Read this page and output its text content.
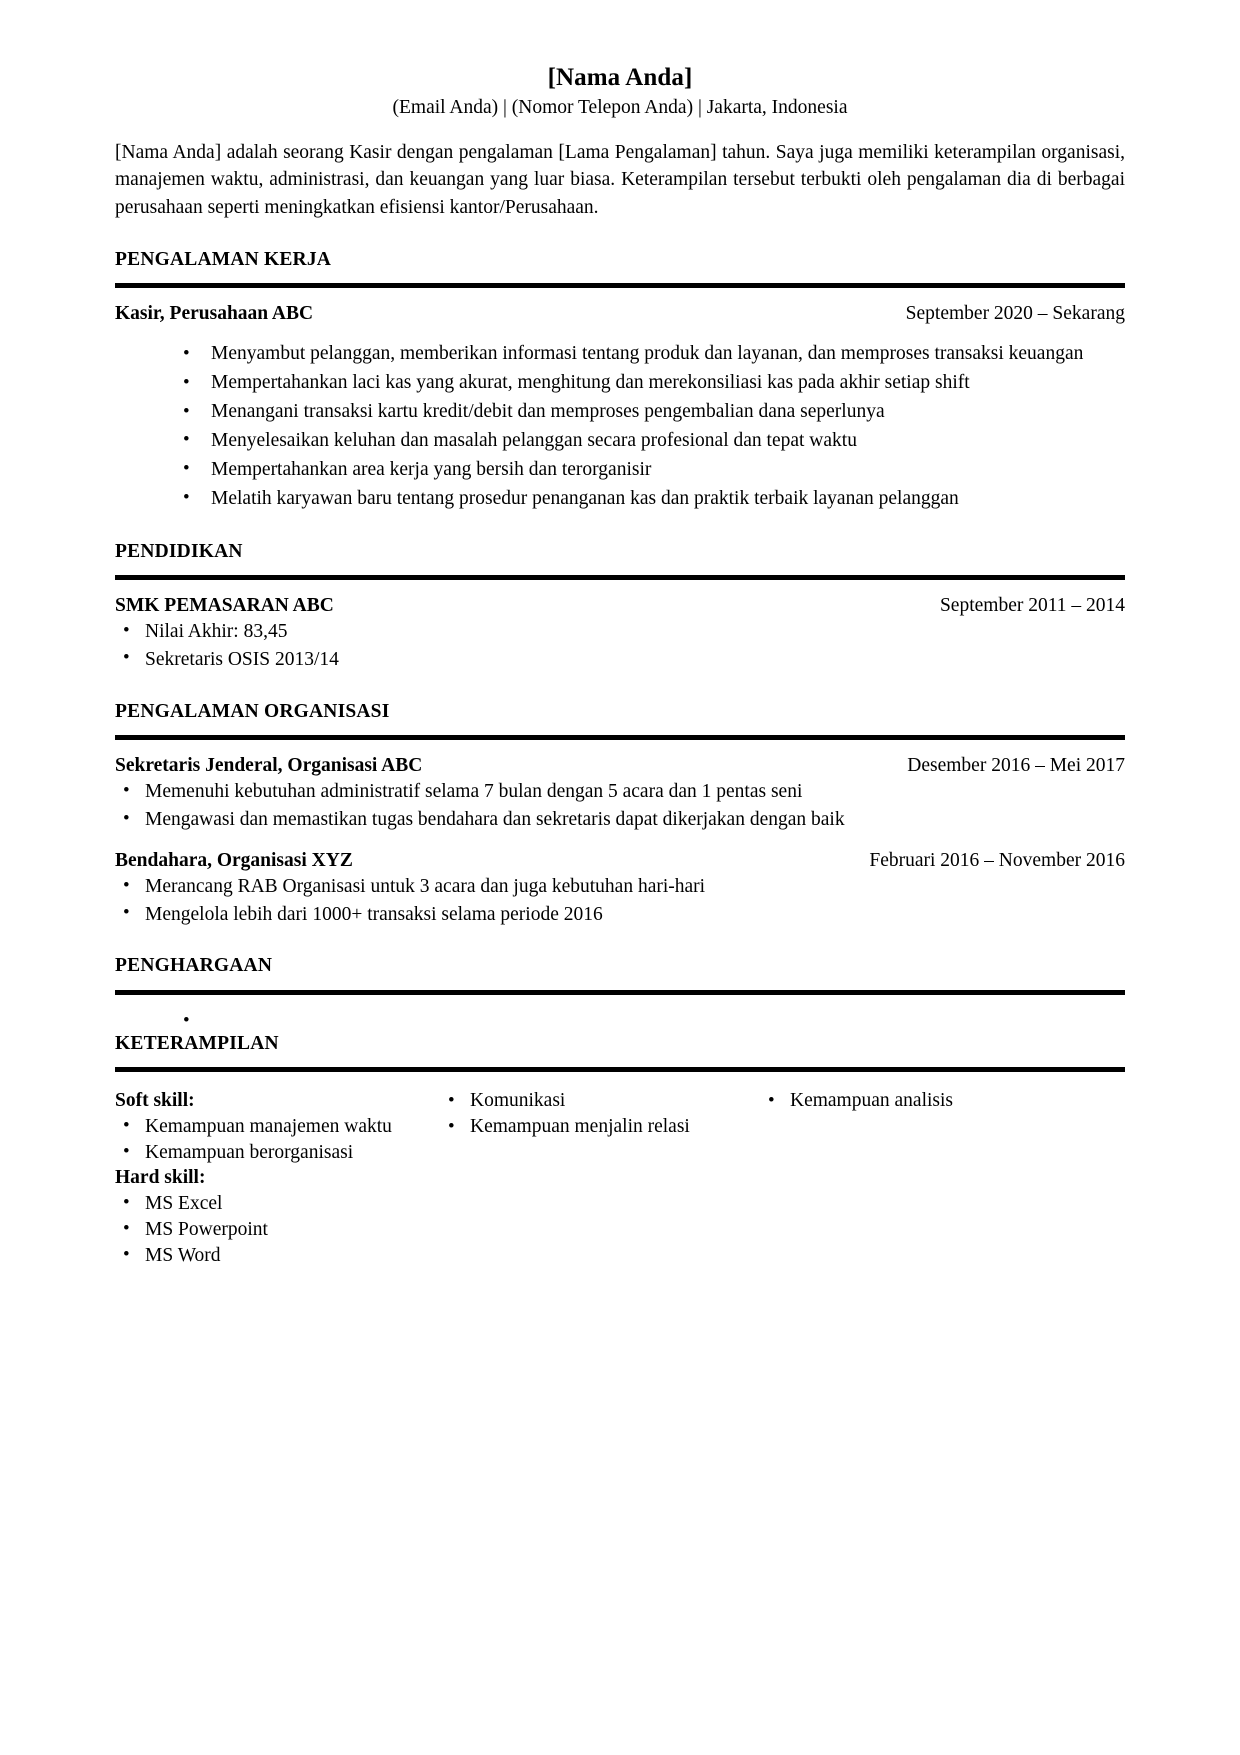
[Nama Anda]
(Email Anda) | (Nomor Telepon Anda) | Jakarta, Indonesia

[Nama Anda] adalah seorang Kasir dengan pengalaman [Lama Pengalaman] tahun. Saya juga memiliki keterampilan organisasi, manajemen waktu, administrasi, dan keuangan yang luar biasa. Keterampilan tersebut terbukti oleh pengalaman dia di berbagai perusahaan seperti meningkatkan efisiensi kantor/Perusahaan.

PENGALAMAN KERJA
Kasir, Perusahaan ABC	September 2020 – Sekarang
• Menyambut pelanggan, memberikan informasi tentang produk dan layanan, dan memproses transaksi keuangan
• Mempertahankan laci kas yang akurat, menghitung dan merekonsiliasi kas pada akhir setiap shift
• Menangani transaksi kartu kredit/debit dan memproses pengembalian dana seperlunya
• Menyelesaikan keluhan dan masalah pelanggan secara profesional dan tepat waktu
• Mempertahankan area kerja yang bersih dan terorganisir
• Melatih karyawan baru tentang prosedur penanganan kas dan praktik terbaik layanan pelanggan
PENDIDIKAN
SMK PEMASARAN ABC	September 2011 – 2014
• Nilai Akhir: 83,45
• Sekretaris OSIS 2013/14
PENGALAMAN ORGANISASI
Sekretaris Jenderal, Organisasi ABC	Desember 2016 – Mei 2017
• Memenuhi kebutuhan administratif selama 7 bulan dengan 5 acara dan 1 pentas seni
• Mengawasi dan memastikan tugas bendahara dan sekretaris dapat dikerjakan dengan baik
Bendahara, Organisasi XYZ	Februari 2016 – November 2016
• Merancang RAB Organisasi untuk 3 acara dan juga kebutuhan hari-hari
• Mengelola lebih dari 1000+ transaksi selama periode 2016
PENGHARGAAN
•
KETERAMPILAN
Soft skill:
• Kemampuan manajemen waktu
• Kemampuan berorganisasi
Hard skill:
• MS Excel
• MS Powerpoint
• MS Word
• Komunikasi
• Kemampuan menjalin relasi
• Kemampuan analisis
